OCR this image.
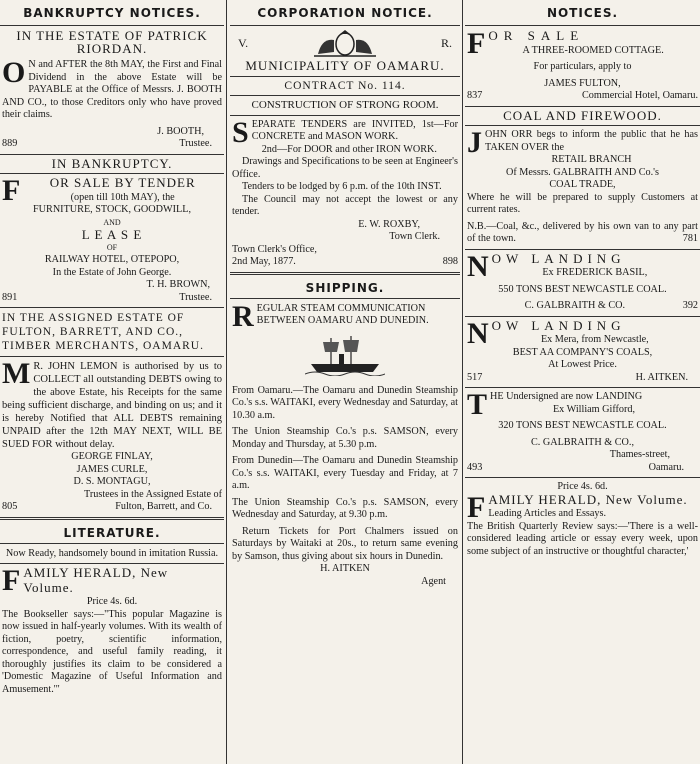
BANKRUPTCY NOTICES.

IN THE ESTATE OF PATRICK RIORDAN.

O N and AFTER the 8th MAY, the First and Final Dividend in the above Estate will be PAYABLE at the Office of Messrs. J. BOOTH AND CO., to those Creditors only who have proved their claims.

J. BOOTH,

889	Trustee.

IN BANKRUPTCY.

F OR SALE BY TENDER
(open till 10th MAY), the

FURNITURE, STOCK, GOODWILL,

AND

L E A S E

OF

RAILWAY HOTEL, OTEPOPO,

In the Estate of John George.

T. H. BROWN,

891	Trustee.

IN THE ASSIGNED ESTATE OF FULTON, BARRETT, AND CO., TIMBER MERCHANTS, OAMARU.

M R. JOHN LEMON is authorised by us to COLLECT all outstanding DEBTS owing to the above Estate, his Receipts for the same being sufficient discharge, and binding on us; and it is hereby Notified that ALL DEBTS remaining UNPAID after the 12th MAY NEXT, WILL BE SUED FOR without delay.

GEORGE FINLAY,

JAMES CURLE,

D. S. MONTAGU,

Trustees in the Assigned Estate of

805	Fulton, Barrett, and Co.
LITERATURE.

Now Ready, handsomely bound in imitation Russia.

FAMILY HERALD, New Volume.

Price 4s. 6d.

The Bookseller says:—"This popular Magazine is now issued in half-yearly volumes. With its wealth of fiction, poetry, scientific information, correspondence, and useful family reading, it thoroughly justifies its claim to be considered a 'Domestic Magazine of Useful Information and Amusement.'"

CORPORATION NOTICE.
V.	R.

MUNICIPALITY OF OAMARU.

CONTRACT No. 114.

CONSTRUCTION OF STRONG ROOM.

SEPARATE TENDERS are INVITED, 1st—For CONCRETE and MASON WORK.

2nd—For DOOR and other IRON WORK.

Drawings and Specifications to be seen at Engineer's Office.

Tenders to be lodged by 6 p.m. of the 10th INST.

The Council may not accept the lowest or any tender.

E. W. ROXBY,

Town Clerk.

Town Clerk's Office,

2nd May, 1877.	898
SHIPPING.

REGULAR STEAM COMMUNICATION BETWEEN OAMARU AND DUNEDIN.

From Oamaru.—The Oamaru and Dunedin Steamship Co.'s s.s. WAITAKI, every Wednesday and Saturday, at 10.30 a.m.

The Union Steamship Co.'s p.s. SAMSON, every Monday and Thursday, at 5.30 p.m.

From Dunedin—The Oamaru and Dunedin Steamship Co.'s s.s. WAITAKI, every Tuesday and Friday, at 7 a.m.

The Union Steamship Co.'s p.s. SAMSON, every Wednesday and Saturday, at 9.30 p.m.

Return Tickets for Port Chalmers issued on Saturdays by Waitaki at 20s., to return same evening by Samson, thus giving about six hours in Dunedin.

H. AITKEN

Agent

NOTICES.

FOR SALE

A THREE-ROOMED COTTAGE.

For particulars, apply to

JAMES FULTON,

837	Commercial Hotel, Oamaru.

COAL AND FIREWOOD.

JOHN ORR begs to inform the public that he has TAKEN OVER the

RETAIL BRANCH

Of Messrs. GALBRAITH AND Co.'s

COAL TRADE,

Where he will be prepared to supply Customers at current rates.

N.B.—Coal, &c., delivered by his own van to any part of the town.	781

NOW LANDING

Ex FREDERICK BASIL,

550 TONS BEST NEWCASTLE COAL.

C. GALBRAITH & CO.	392

NOW LANDING

Ex Mera, from Newcastle,

BEST AA COMPANY'S COALS,

At Lowest Price.

517	H. AITKEN.

THE Undersigned are now LANDING

Ex William Gifford,

320 TONS BEST NEWCASTLE COAL.

C. GALBRAITH & CO.,

Thames-street,

493	Oamaru.

Price 4s. 6d.

FAMILY HERALD, New Volume.
Leading Articles and Essays.

The British Quarterly Review says:—'There is a well-considered leading article or essay every week, upon some subject of an instructive or thoughtful character,'
